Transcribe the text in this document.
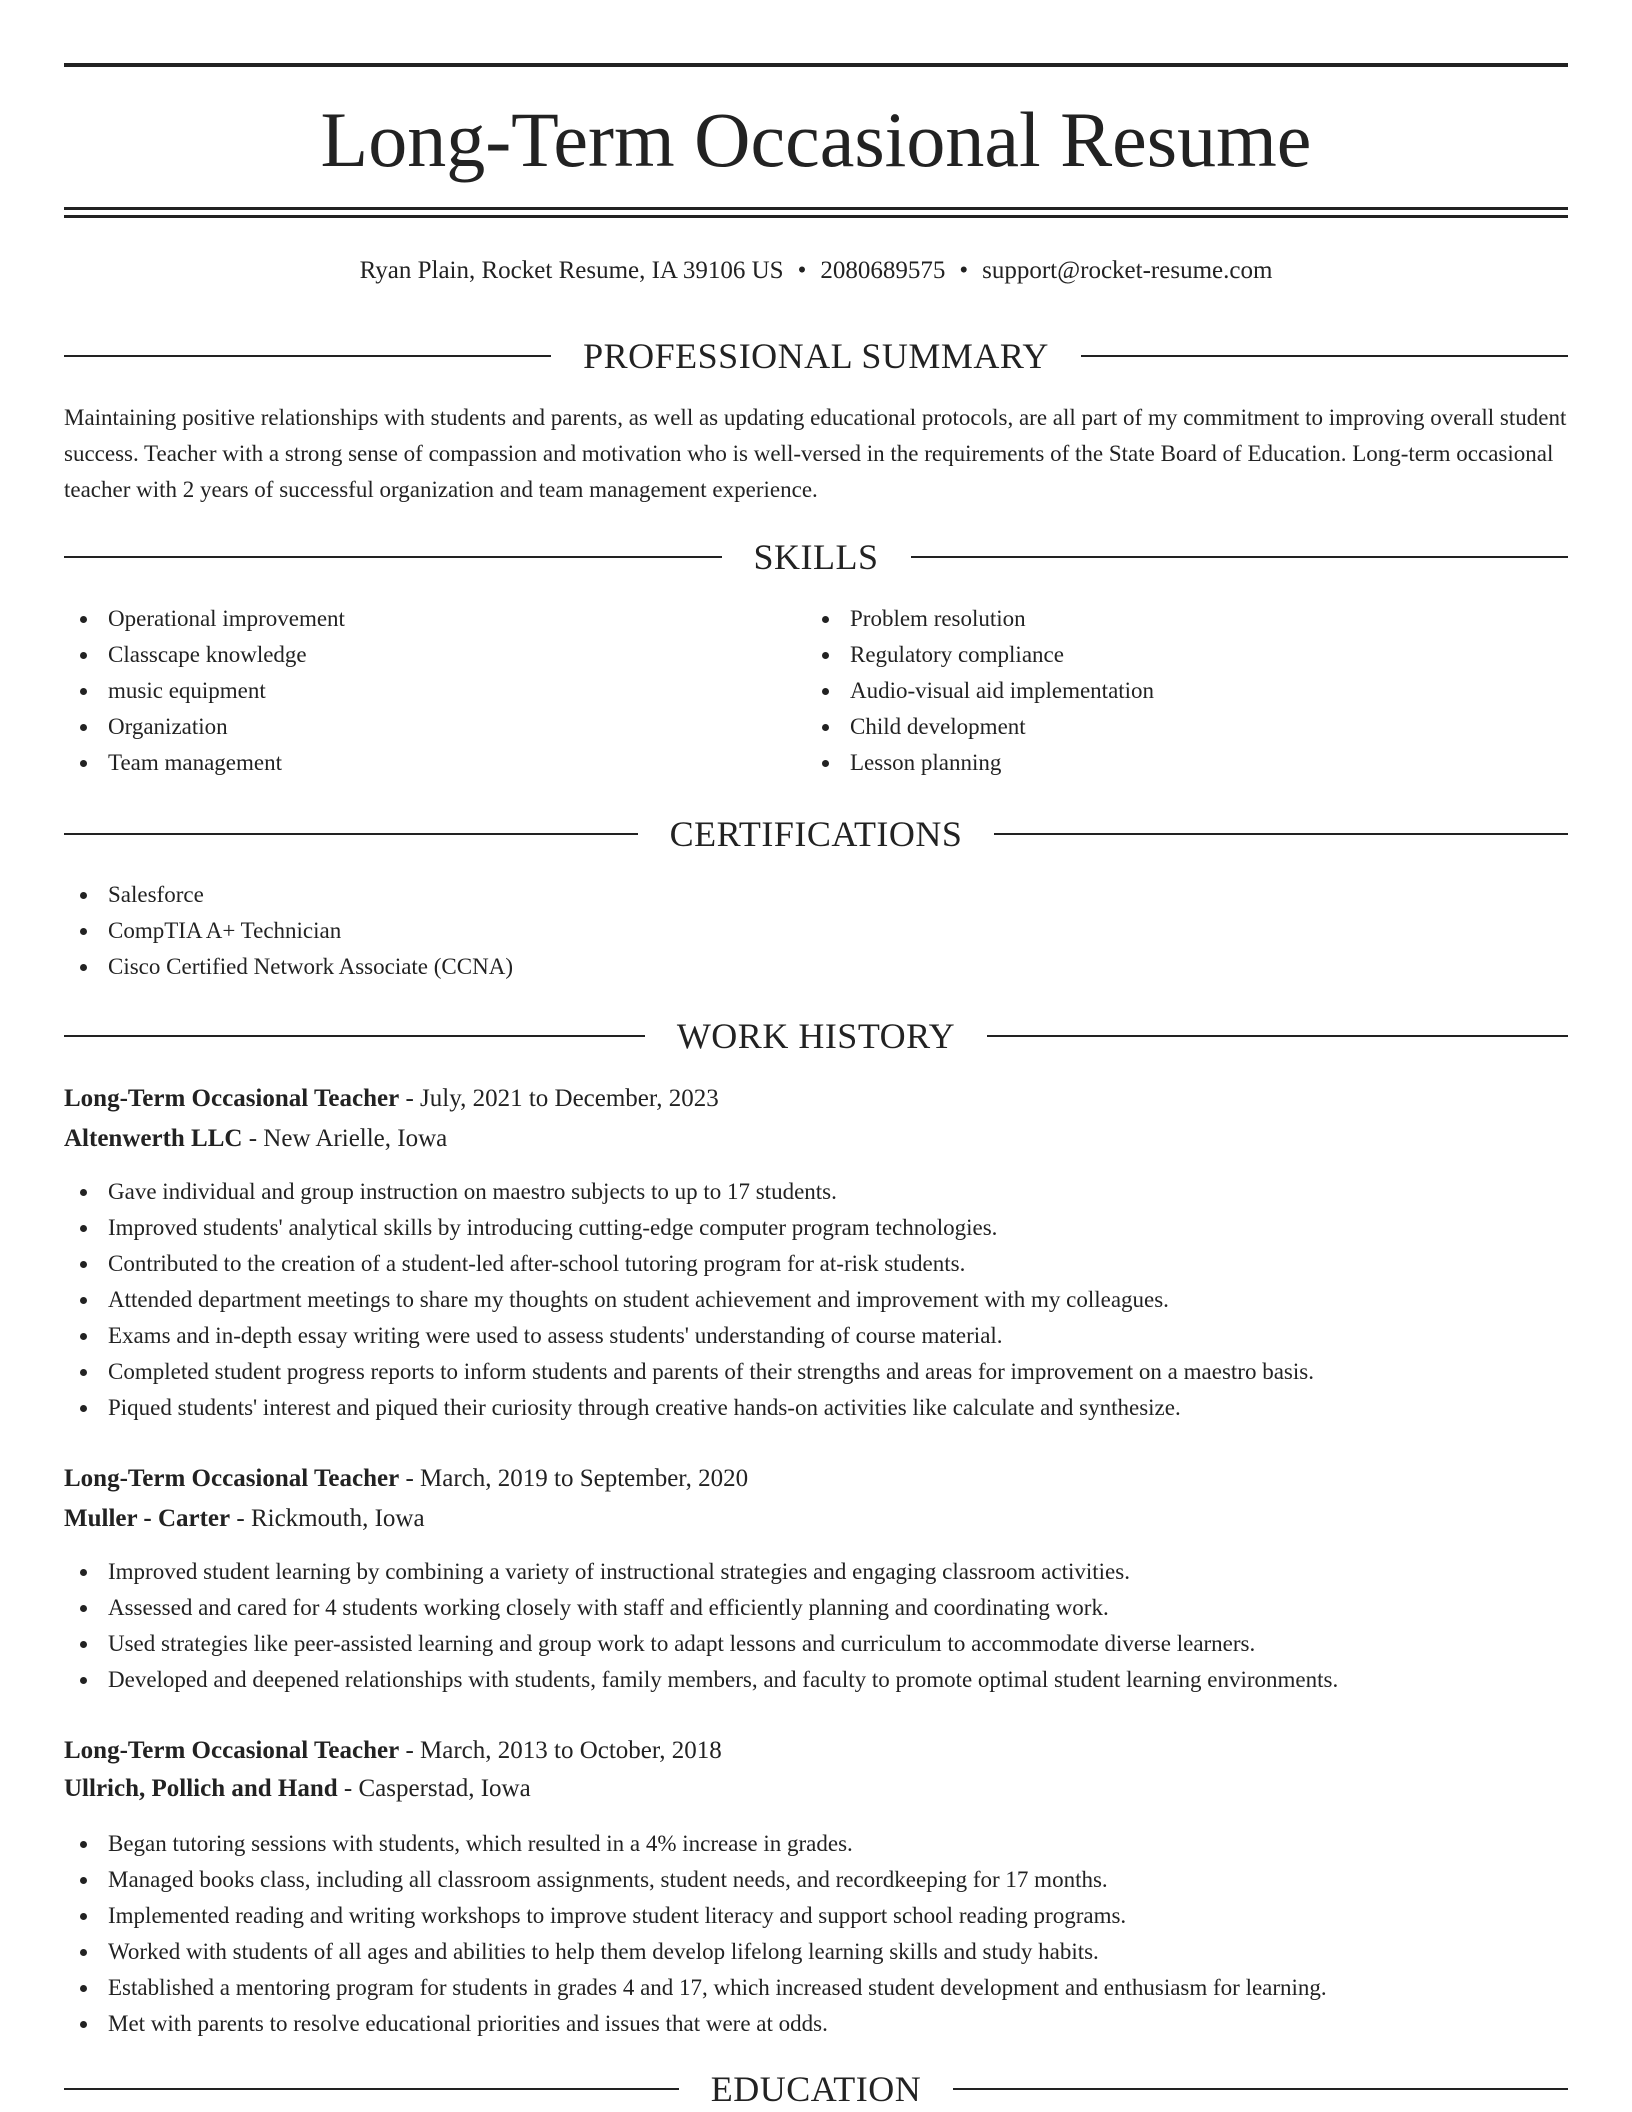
Long-Term Occasional Resume
Ryan Plain, Rocket Resume, IA 39106 US • 2080689575 • support@rocket-resume.com
PROFESSIONAL SUMMARY

Maintaining positive relationships with students and parents, as well as updating educational protocols, are all part of my commitment to improving overall student success. Teacher with a strong sense of compassion and motivation who is well-versed in the requirements of the State Board of Education. Long-term occasional teacher with 2 years of successful organization and team management experience.

SKILLS
Operational improvement
Classcape knowledge
music equipment
Organization
Team management
Problem resolution
Regulatory compliance
Audio-visual aid implementation
Child development
Lesson planning
CERTIFICATIONS
Salesforce
CompTIA A+ Technician
Cisco Certified Network Associate (CCNA)
WORK HISTORY
Long-Term Occasional Teacher - July, 2021 to December, 2023
Altenwerth LLC - New Arielle, Iowa
Gave individual and group instruction on maestro subjects to up to 17 students.
Improved students' analytical skills by introducing cutting-edge computer program technologies.
Contributed to the creation of a student-led after-school tutoring program for at-risk students.
Attended department meetings to share my thoughts on student achievement and improvement with my colleagues.
Exams and in-depth essay writing were used to assess students' understanding of course material.
Completed student progress reports to inform students and parents of their strengths and areas for improvement on a maestro basis.
Piqued students' interest and piqued their curiosity through creative hands-on activities like calculate and synthesize.
Long-Term Occasional Teacher - March, 2019 to September, 2020
Muller - Carter - Rickmouth, Iowa
Improved student learning by combining a variety of instructional strategies and engaging classroom activities.
Assessed and cared for 4 students working closely with staff and efficiently planning and coordinating work.
Used strategies like peer-assisted learning and group work to adapt lessons and curriculum to accommodate diverse learners.
Developed and deepened relationships with students, family members, and faculty to promote optimal student learning environments.
Long-Term Occasional Teacher - March, 2013 to October, 2018
Ullrich, Pollich and Hand - Casperstad, Iowa
Began tutoring sessions with students, which resulted in a 4% increase in grades.
Managed books class, including all classroom assignments, student needs, and recordkeeping for 17 months.
Implemented reading and writing workshops to improve student literacy and support school reading programs.
Worked with students of all ages and abilities to help them develop lifelong learning skills and study habits.
Established a mentoring program for students in grades 4 and 17, which increased student development and enthusiasm for learning.
Met with parents to resolve educational priorities and issues that were at odds.
EDUCATION
